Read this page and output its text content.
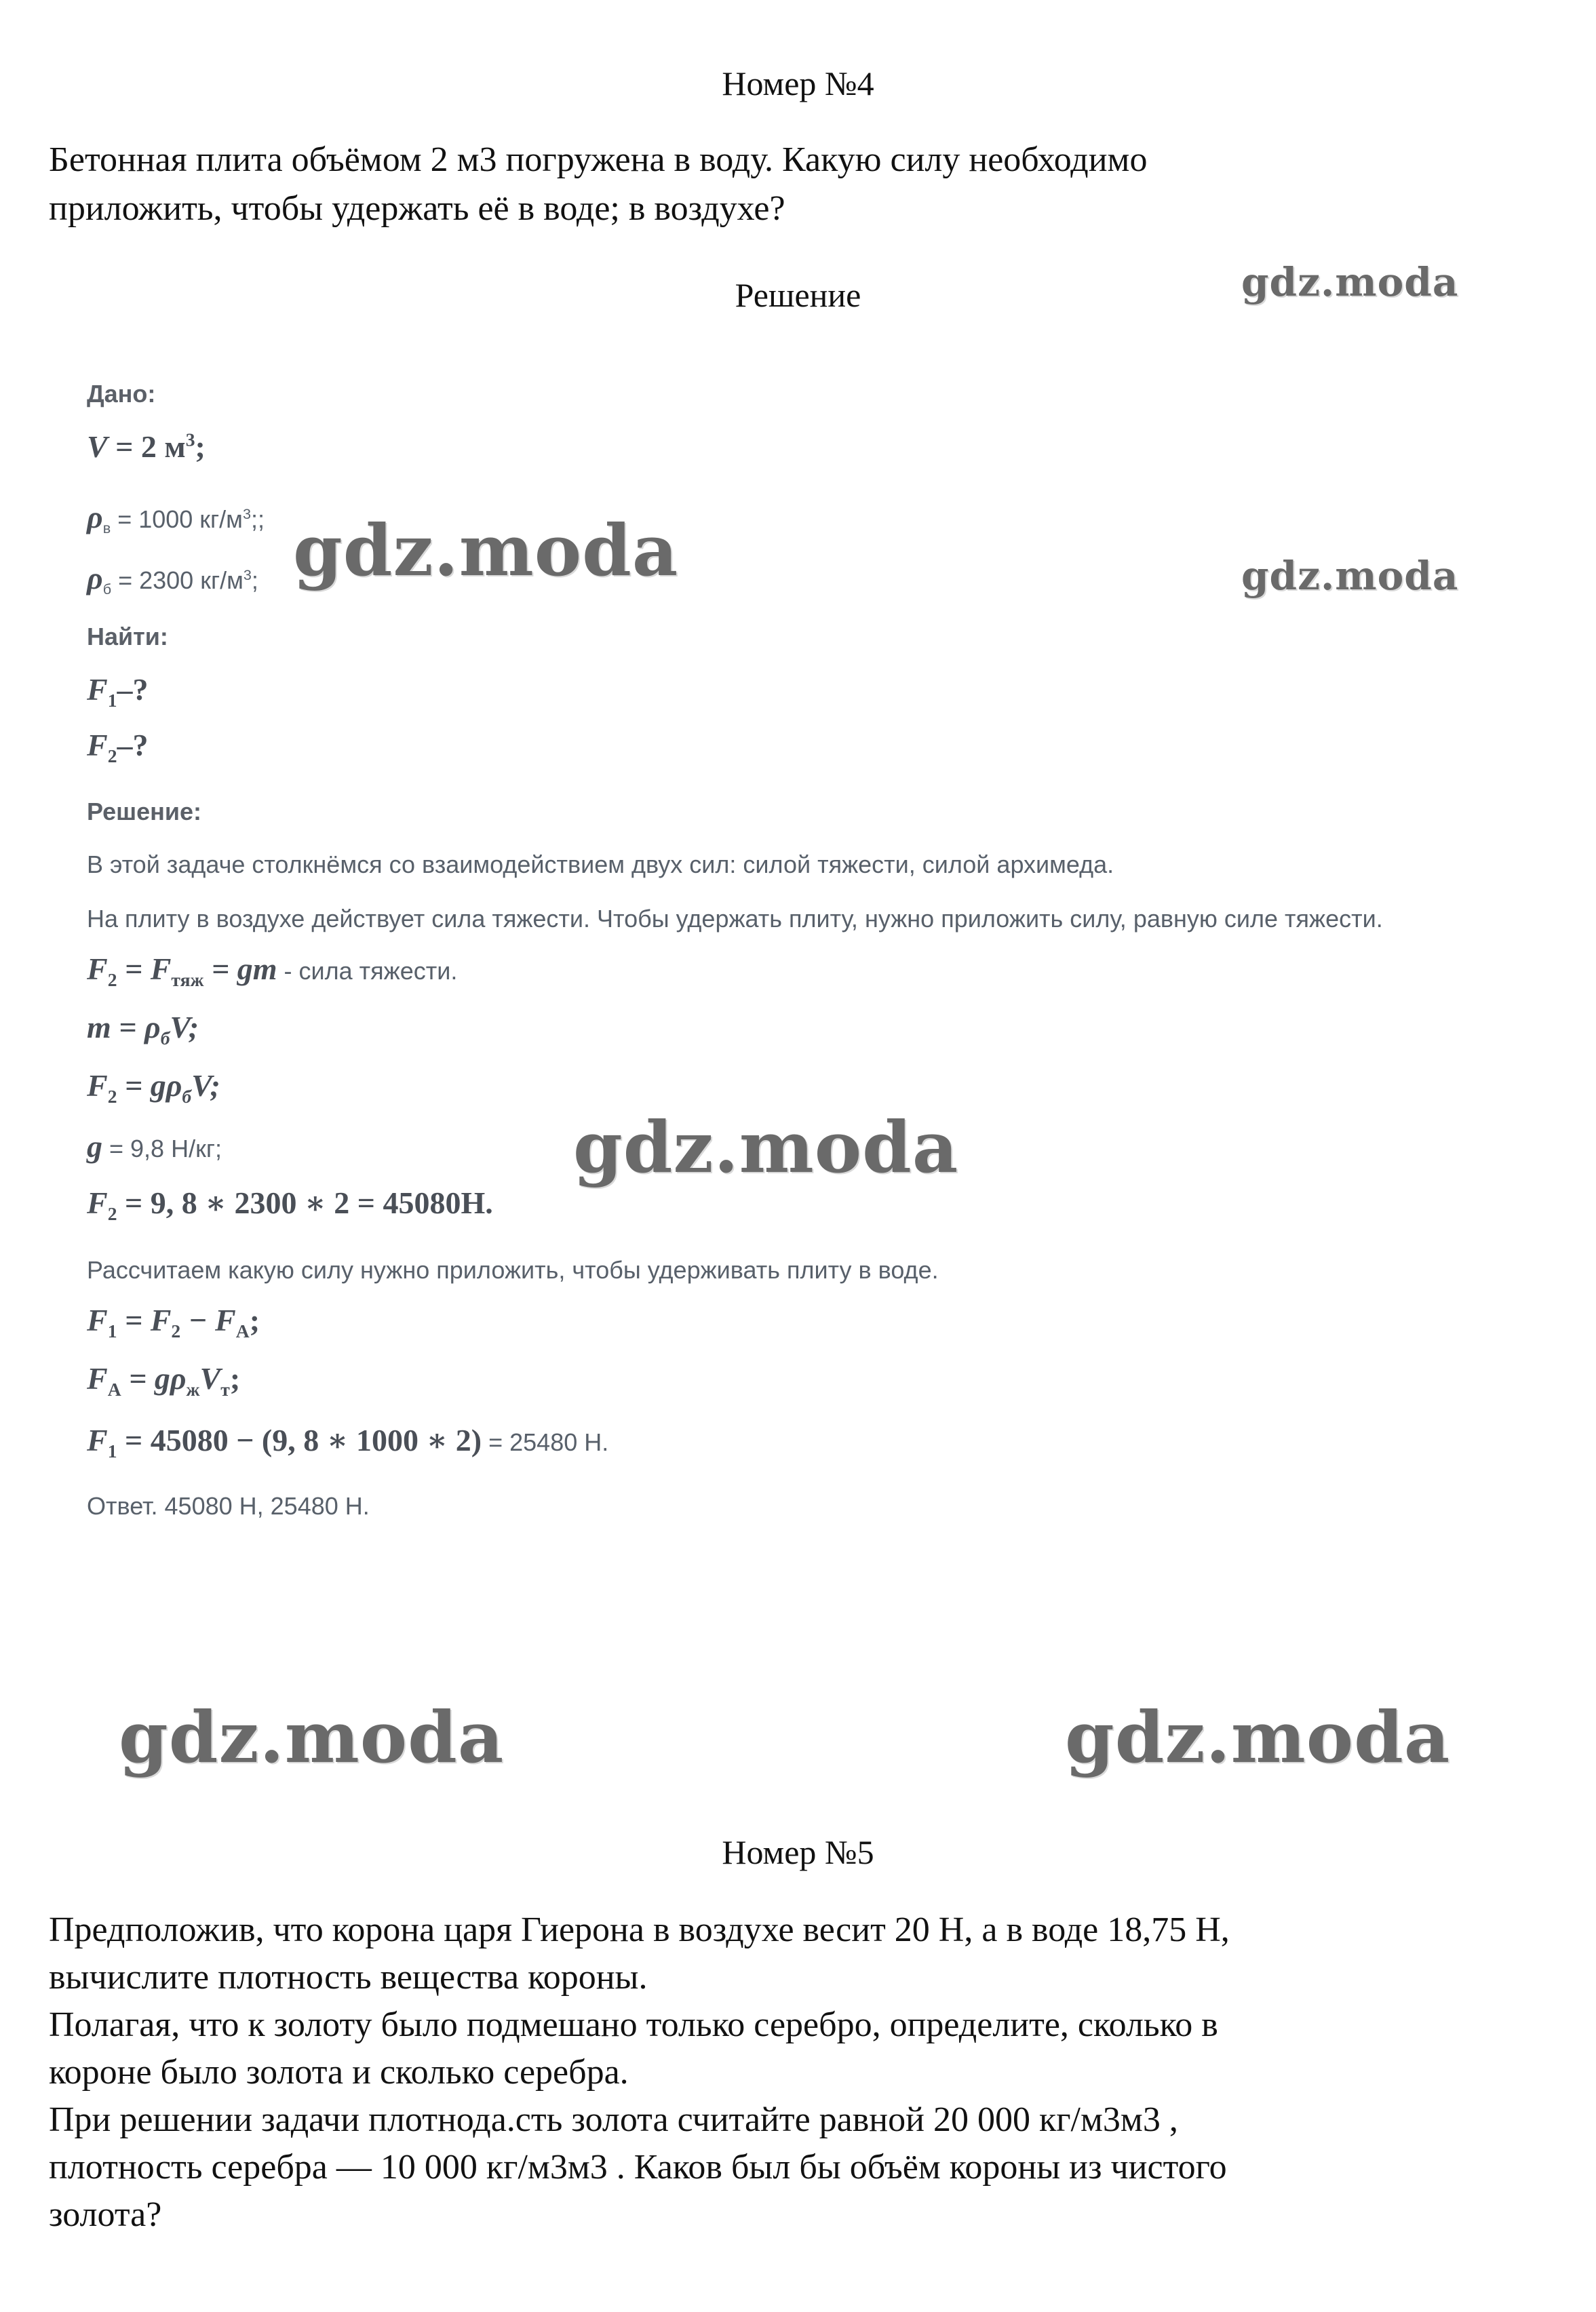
Номер №4
Бетонная плита объёмом 2 м3 погружена в воду. Какую силу необходимо
приложить, чтобы удержать её в воде; в воздухе?
Решение
Дано:
V = 2 $м^3$;
$\rho_в = 1000$ $кг/м^3$;;
$\rho_б = 2300$ $кг/м^3$;
Найти:
$F_1-$?
$F_2-$?
Решение:
В этой задаче столкнёмся со взаимодействием двух сил: силой тяжести, силой архимеда.
На плиту в воздухе действует сила тяжести. Чтобы удержать плиту, нужно приложить силу, равную силе тяжести.
$F_2 = F_{тяж}$ = gm - сила тяжести.
$m = \rho_бV$;
$F_2 = g\rho_бV$;
g = 9,8 Н/кг;
$F_2 = 9$, 8 ∗ 2300 ∗ 2 = 45080H.
Рассчитаем какую силу нужно приложить, чтобы удерживать плиту в воде.
$F_1 = F_2 - F_A$;
$F_A = g\rho_жV_т$;
$F_1 = 45080 - (9$, 8 ∗ 1000 ∗ 2) = 25480 Н.
Ответ. 45080 Н, 25480 Н.
gdz.moda
gdz.moda	gdz.moda
gdz.moda
gdz.moda	gdz.moda
Номер №5
Предположив, что корона царя Гиерона в воздухе весит 20 Н, а в воде 18,75 Н,
вычислите плотность вещества короны.
Полагая, что к золоту было подмешано только серебро, определите, сколько в
короне было золота и сколько серебра.
При решении задачи плотнода.сть золота считайте равной 20 000 кг/м3м3 ,
плотность серебра — 10 000 кг/м3м3 . Каков был бы объём короны из чистого
золота?
